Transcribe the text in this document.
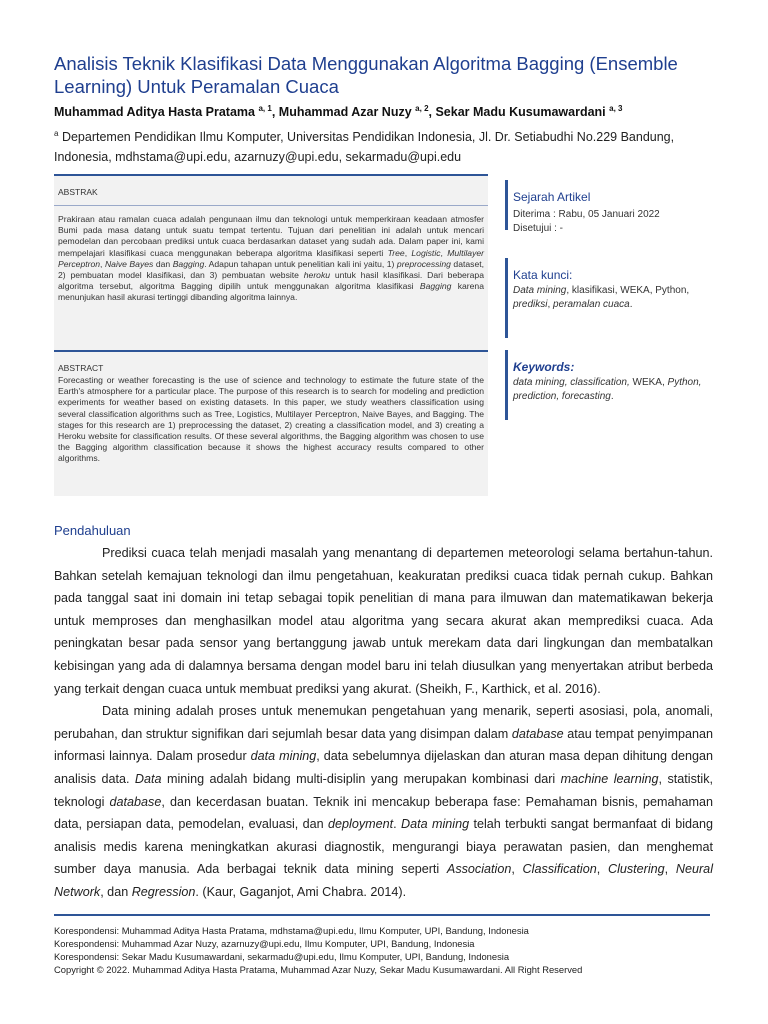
Analisis Teknik Klasifikasi Data Menggunakan Algoritma Bagging (Ensemble Learning) Untuk Peramalan Cuaca
Muhammad Aditya Hasta Pratama $^{a, 1}$, Muhammad Azar Nuzy $^{a, 2}$, Sekar Madu Kusumawardani $^{a, 3}$
$^a$ Departemen Pendidikan Ilmu Komputer, Universitas Pendidikan Indonesia, Jl. Dr. Setiabudhi No.229 Bandung,
Indonesia, mdhstama@upi.edu, azarnuzy@upi.edu, sekarmadu@upi.edu
ABSTRAK
Prakiraan atau ramalan cuaca adalah pengunaan ilmu dan teknologi untuk memperkiraan keadaan atmosfer Bumi pada masa datang untuk suatu tempat tertentu. Tujuan dari penelitian ini adalah untuk mencari pemodelan dan percobaan prediksi untuk cuaca berdasarkan dataset yang sudah ada. Dalam paper ini, kami mempelajari klasifikasi cuaca menggunakan beberapa algoritma klasifikasi seperti Tree, Logistic, Multilayer Perceptron, Naive Bayes dan Bagging. Adapun tahapan untuk penelitian kali ini yaitu, 1) preprocessing dataset, 2) pembuatan model klasifikasi, dan 3) pembuatan website heroku untuk hasil klasifikasi. Dari beberapa algoritma tersebut, algoritma Bagging dipilih untuk menggunakan algoritma klasifikasi Bagging karena menunjukan hasil akurasi tertinggi dibanding algoritma lainnya.
ABSTRACT
Forecasting or weather forecasting is the use of science and technology to estimate the future state of the Earth's atmosphere for a particular place. The purpose of this research is to search for modeling and prediction experiments for weather based on existing datasets. In this paper, we study weathers classification using several classification algorithms such as Tree, Logistics, Multilayer Perceptron, Naive Bayes, and Bagging. The stages for this research are 1) preprocessing the dataset, 2) creating a classification model, and 3) creating a Heroku website for classification results. Of these several algorithms, the Bagging algorithm was chosen to use the Bagging algorithm classification because it shows the highest accuracy results compared to other algorithms.
Sejarah Artikel

Diterima : Rabu, 05 Januari 2022

Disetujui : -

Kata kunci:

Data mining, klasifikasi, WEKA, Python, prediksi, peramalan cuaca.

Keywords:

data mining, classification, WEKA, Python, prediction, forecasting.

Pendahuluan

Prediksi cuaca telah menjadi masalah yang menantang di departemen meteorologi selama bertahun-tahun. Bahkan setelah kemajuan teknologi dan ilmu pengetahuan, keakuratan prediksi cuaca tidak pernah cukup. Bahkan pada tanggal saat ini domain ini tetap sebagai topik penelitian di mana para ilmuwan dan matematikawan bekerja untuk memproses dan menghasilkan model atau algoritma yang secara akurat akan memprediksi cuaca. Ada peningkatan besar pada sensor yang bertanggung jawab untuk merekam data dari lingkungan dan membatalkan kebisingan yang ada di dalamnya bersama dengan model baru ini telah diusulkan yang menyertakan atribut berbeda yang terkait dengan cuaca untuk membuat prediksi yang akurat. (Sheikh, F., Karthick, et al. 2016).

Data mining adalah proses untuk menemukan pengetahuan yang menarik, seperti asosiasi, pola, anomali, perubahan, dan struktur signifikan dari sejumlah besar data yang disimpan dalam database atau tempat penyimpanan informasi lainnya. Dalam prosedur data mining, data sebelumnya dijelaskan dan aturan masa depan dihitung dengan analisis data. Data mining adalah bidang multi-disiplin yang merupakan kombinasi dari machine learning, statistik, teknologi database, dan kecerdasan buatan. Teknik ini mencakup beberapa fase: Pemahaman bisnis, pemahaman data, persiapan data, pemodelan, evaluasi, dan deployment. Data mining telah terbukti sangat bermanfaat di bidang analisis medis karena meningkatkan akurasi diagnostik, mengurangi biaya perawatan pasien, dan menghemat sumber daya manusia. Ada berbagai teknik data mining seperti Association, Classification, Clustering, Neural Network, dan Regression. (Kaur, Gaganjot, Ami Chabra. 2014).

Korespondensi: Muhammad Aditya Hasta Pratama, mdhstama@upi.edu, Ilmu Komputer, UPI, Bandung, Indonesia
Korespondensi: Muhammad Azar Nuzy, azarnuzy@upi.edu, Ilmu Komputer, UPI, Bandung, Indonesia
Korespondensi: Sekar Madu Kusumawardani, sekarmadu@upi.edu, Ilmu Komputer, UPI, Bandung, Indonesia
Copyright © 2022. Muhammad Aditya Hasta Pratama, Muhammad Azar Nuzy, Sekar Madu Kusumawardani. All Right Reserved
